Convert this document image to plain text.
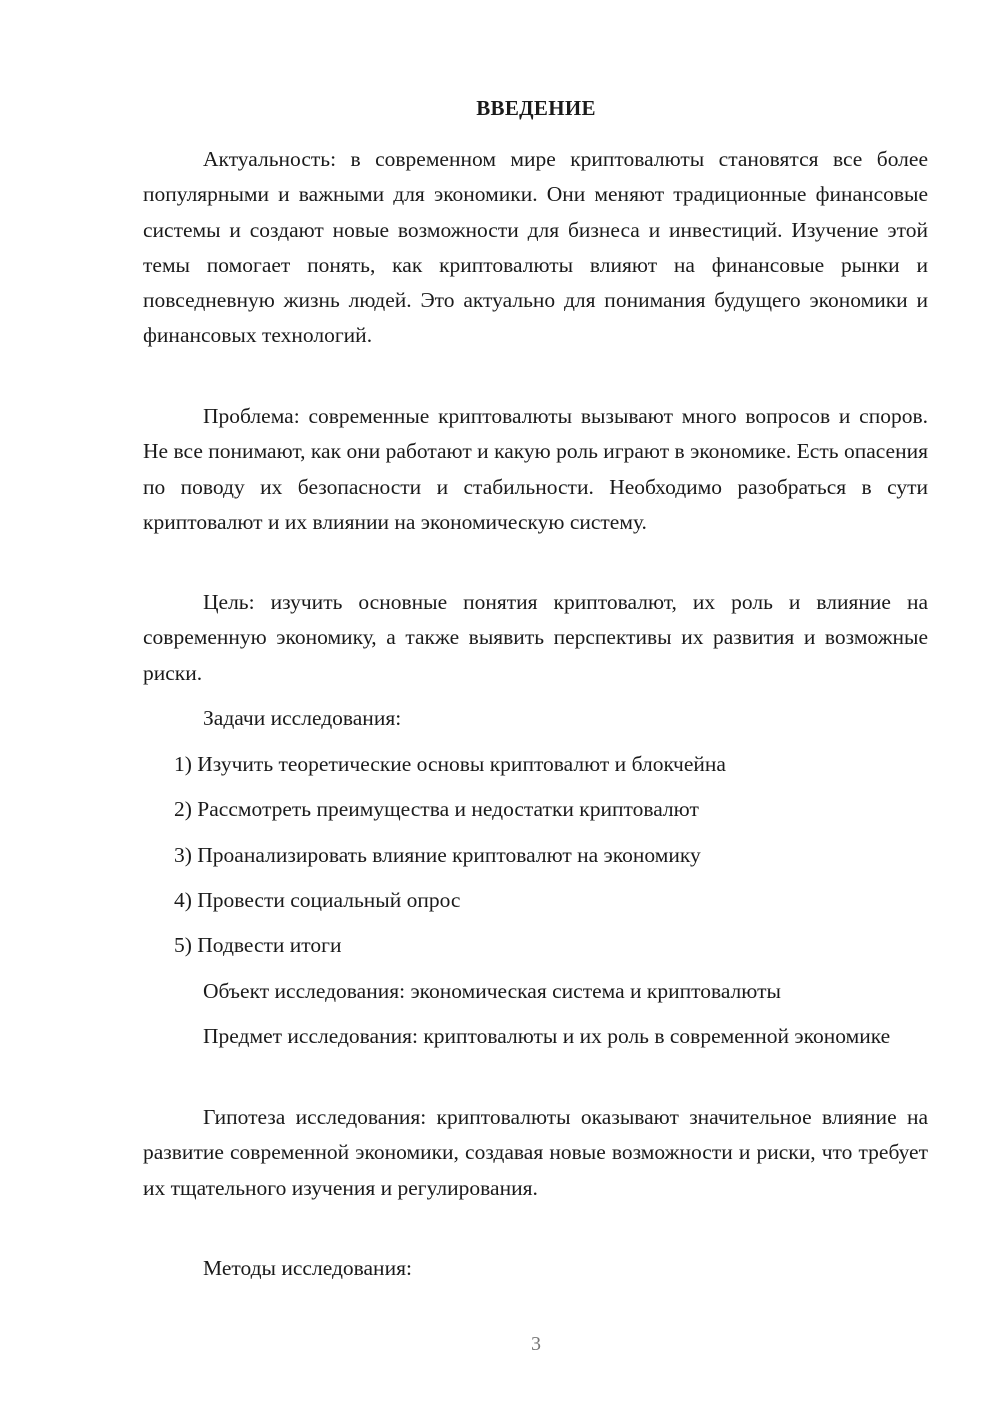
ВВЕДЕНИЕ

Актуальность: в современном мире криптовалюты становятся все более популярными и важными для экономики. Они меняют традиционные финансовые системы и создают новые возможности для бизнеса и инвестиций. Изучение этой темы помогает понять, как криптовалюты влияют на финансовые рынки и повседневную жизнь людей. Это актуально для понимания будущего экономики и финансовых технологий.

Проблема: современные криптовалюты вызывают много вопросов и споров. Не все понимают, как они работают и какую роль играют в экономике. Есть опасения по поводу их безопасности и стабильности. Необходимо разобраться в сути криптовалют и их влиянии на экономическую систему.

Цель: изучить основные понятия криптовалют, их роль и влияние на современную экономику, а также выявить перспективы их развития и возможные риски.

Задачи исследования:
1) Изучить теоретические основы криптовалют и блокчейна
2) Рассмотреть преимущества и недостатки криптовалют
3) Проанализировать влияние криптовалют на экономику
4) Провести социальный опрос
5) Подвести итоги
Объект исследования: экономическая система и криптовалюты

Предмет исследования: криптовалюты и их роль в современной экономике

Гипотеза исследования: криптовалюты оказывают значительное влияние на развитие современной экономики, создавая новые возможности и риски, что требует их тщательного изучения и регулирования.

Методы исследования:
3
